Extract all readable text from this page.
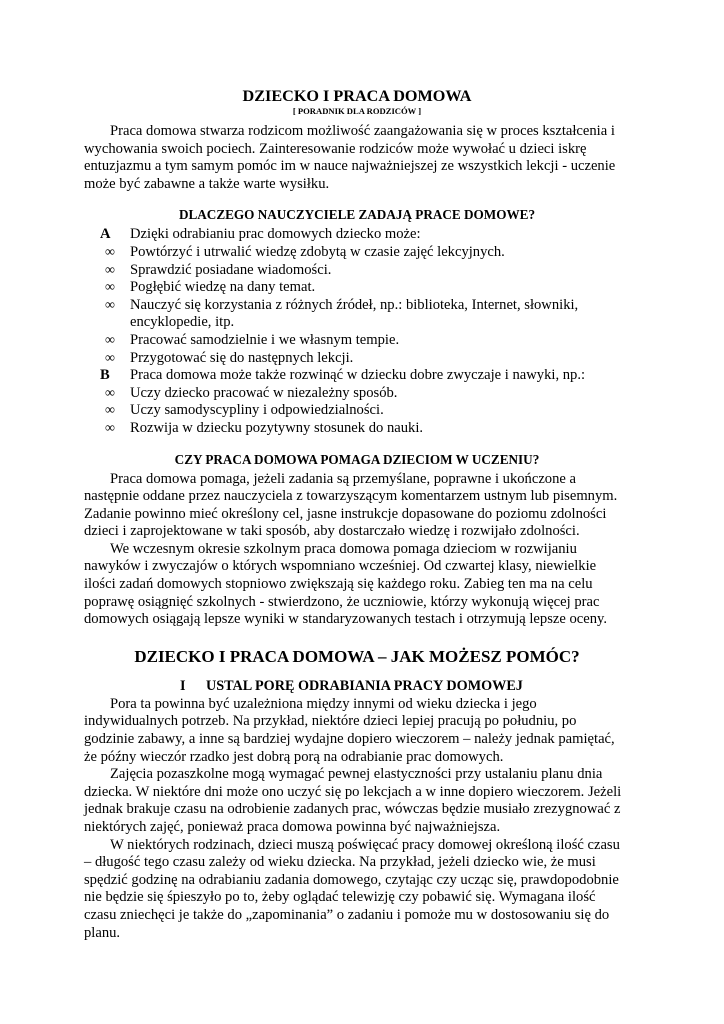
DZIECKO I PRACA DOMOWA
[ PORADNIK DLA RODZICÓW ]

Praca domowa stwarza rodzicom możliwość zaangażowania się w proces kształcenia i wychowania swoich pociech. Zainteresowanie rodziców może wywołać u dzieci iskrę entuzjazmu a tym samym pomóc im w nauce najważniejszej ze wszystkich lekcji - uczenie może być zabawne a także warte wysiłku.

DLACZEGO NAUCZYCIELE ZADAJĄ PRACE DOMOWE?
A Dzięki odrabianiu prac domowych dziecko może:
∞ Powtórzyć i utrwalić wiedzę zdobytą w czasie zajęć lekcyjnych.
∞ Sprawdzić posiadane wiadomości.
∞ Pogłębić wiedzę na dany temat.
∞ Nauczyć się korzystania z różnych źródeł, np.: biblioteka, Internet, słowniki, encyklopedie, itp.
∞ Pracować samodzielnie i we własnym tempie.
∞ Przygotować się do następnych lekcji.
B Praca domowa może także rozwinąć w dziecku dobre zwyczaje i nawyki, np.:
∞ Uczy dziecko pracować w niezależny sposób.
∞ Uczy samodyscypliny i odpowiedzialności.
∞ Rozwija w dziecku pozytywny stosunek do nauki.
CZY PRACA DOMOWA POMAGA DZIECIOM W UCZENIU?

Praca domowa pomaga, jeżeli zadania są przemyślane, poprawne i ukończone a następnie oddane przez nauczyciela z towarzyszącym komentarzem ustnym lub pisemnym. Zadanie powinno mieć określony cel, jasne instrukcje dopasowane do poziomu zdolności dzieci i zaprojektowane w taki sposób, aby dostarczało wiedzę i rozwijało zdolności.

We wczesnym okresie szkolnym praca domowa pomaga dzieciom w rozwijaniu nawyków i zwyczajów o których wspomniano wcześniej. Od czwartej klasy, niewielkie ilości zadań domowych stopniowo zwiększają się każdego roku. Zabieg ten ma na celu poprawę osiągnięć szkolnych - stwierdzono, że uczniowie, którzy wykonują więcej prac domowych osiągają lepsze wyniki w standaryzowanych testach i otrzymują lepsze oceny.

DZIECKO I PRACA DOMOWA – JAK MOŻESZ POMÓC?
I USTAL PORĘ ODRABIANIA PRACY DOMOWEJ

Pora ta powinna być uzależniona między innymi od wieku dziecka i jego indywidualnych potrzeb. Na przykład, niektóre dzieci lepiej pracują po południu, po godzinie zabawy, a inne są bardziej wydajne dopiero wieczorem – należy jednak pamiętać, że późny wieczór rzadko jest dobrą porą na odrabianie prac domowych.

Zajęcia pozaszkolne mogą wymagać pewnej elastyczności przy ustalaniu planu dnia dziecka. W niektóre dni może ono uczyć się po lekcjach a w inne dopiero wieczorem. Jeżeli jednak brakuje czasu na odrobienie zadanych prac, wówczas będzie musiało zrezygnować z niektórych zajęć, ponieważ praca domowa powinna być najważniejsza.

W niektórych rodzinach, dzieci muszą poświęcać pracy domowej określoną ilość czasu – długość tego czasu zależy od wieku dziecka. Na przykład, jeżeli dziecko wie, że musi spędzić godzinę na odrabianiu zadania domowego, czytając czy ucząc się, prawdopodobnie nie będzie się śpieszyło po to, żeby oglądać telewizję czy pobawić się. Wymagana ilość czasu zniechęci je także do „zapominania” o zadaniu i pomoże mu w dostosowaniu się do planu.
